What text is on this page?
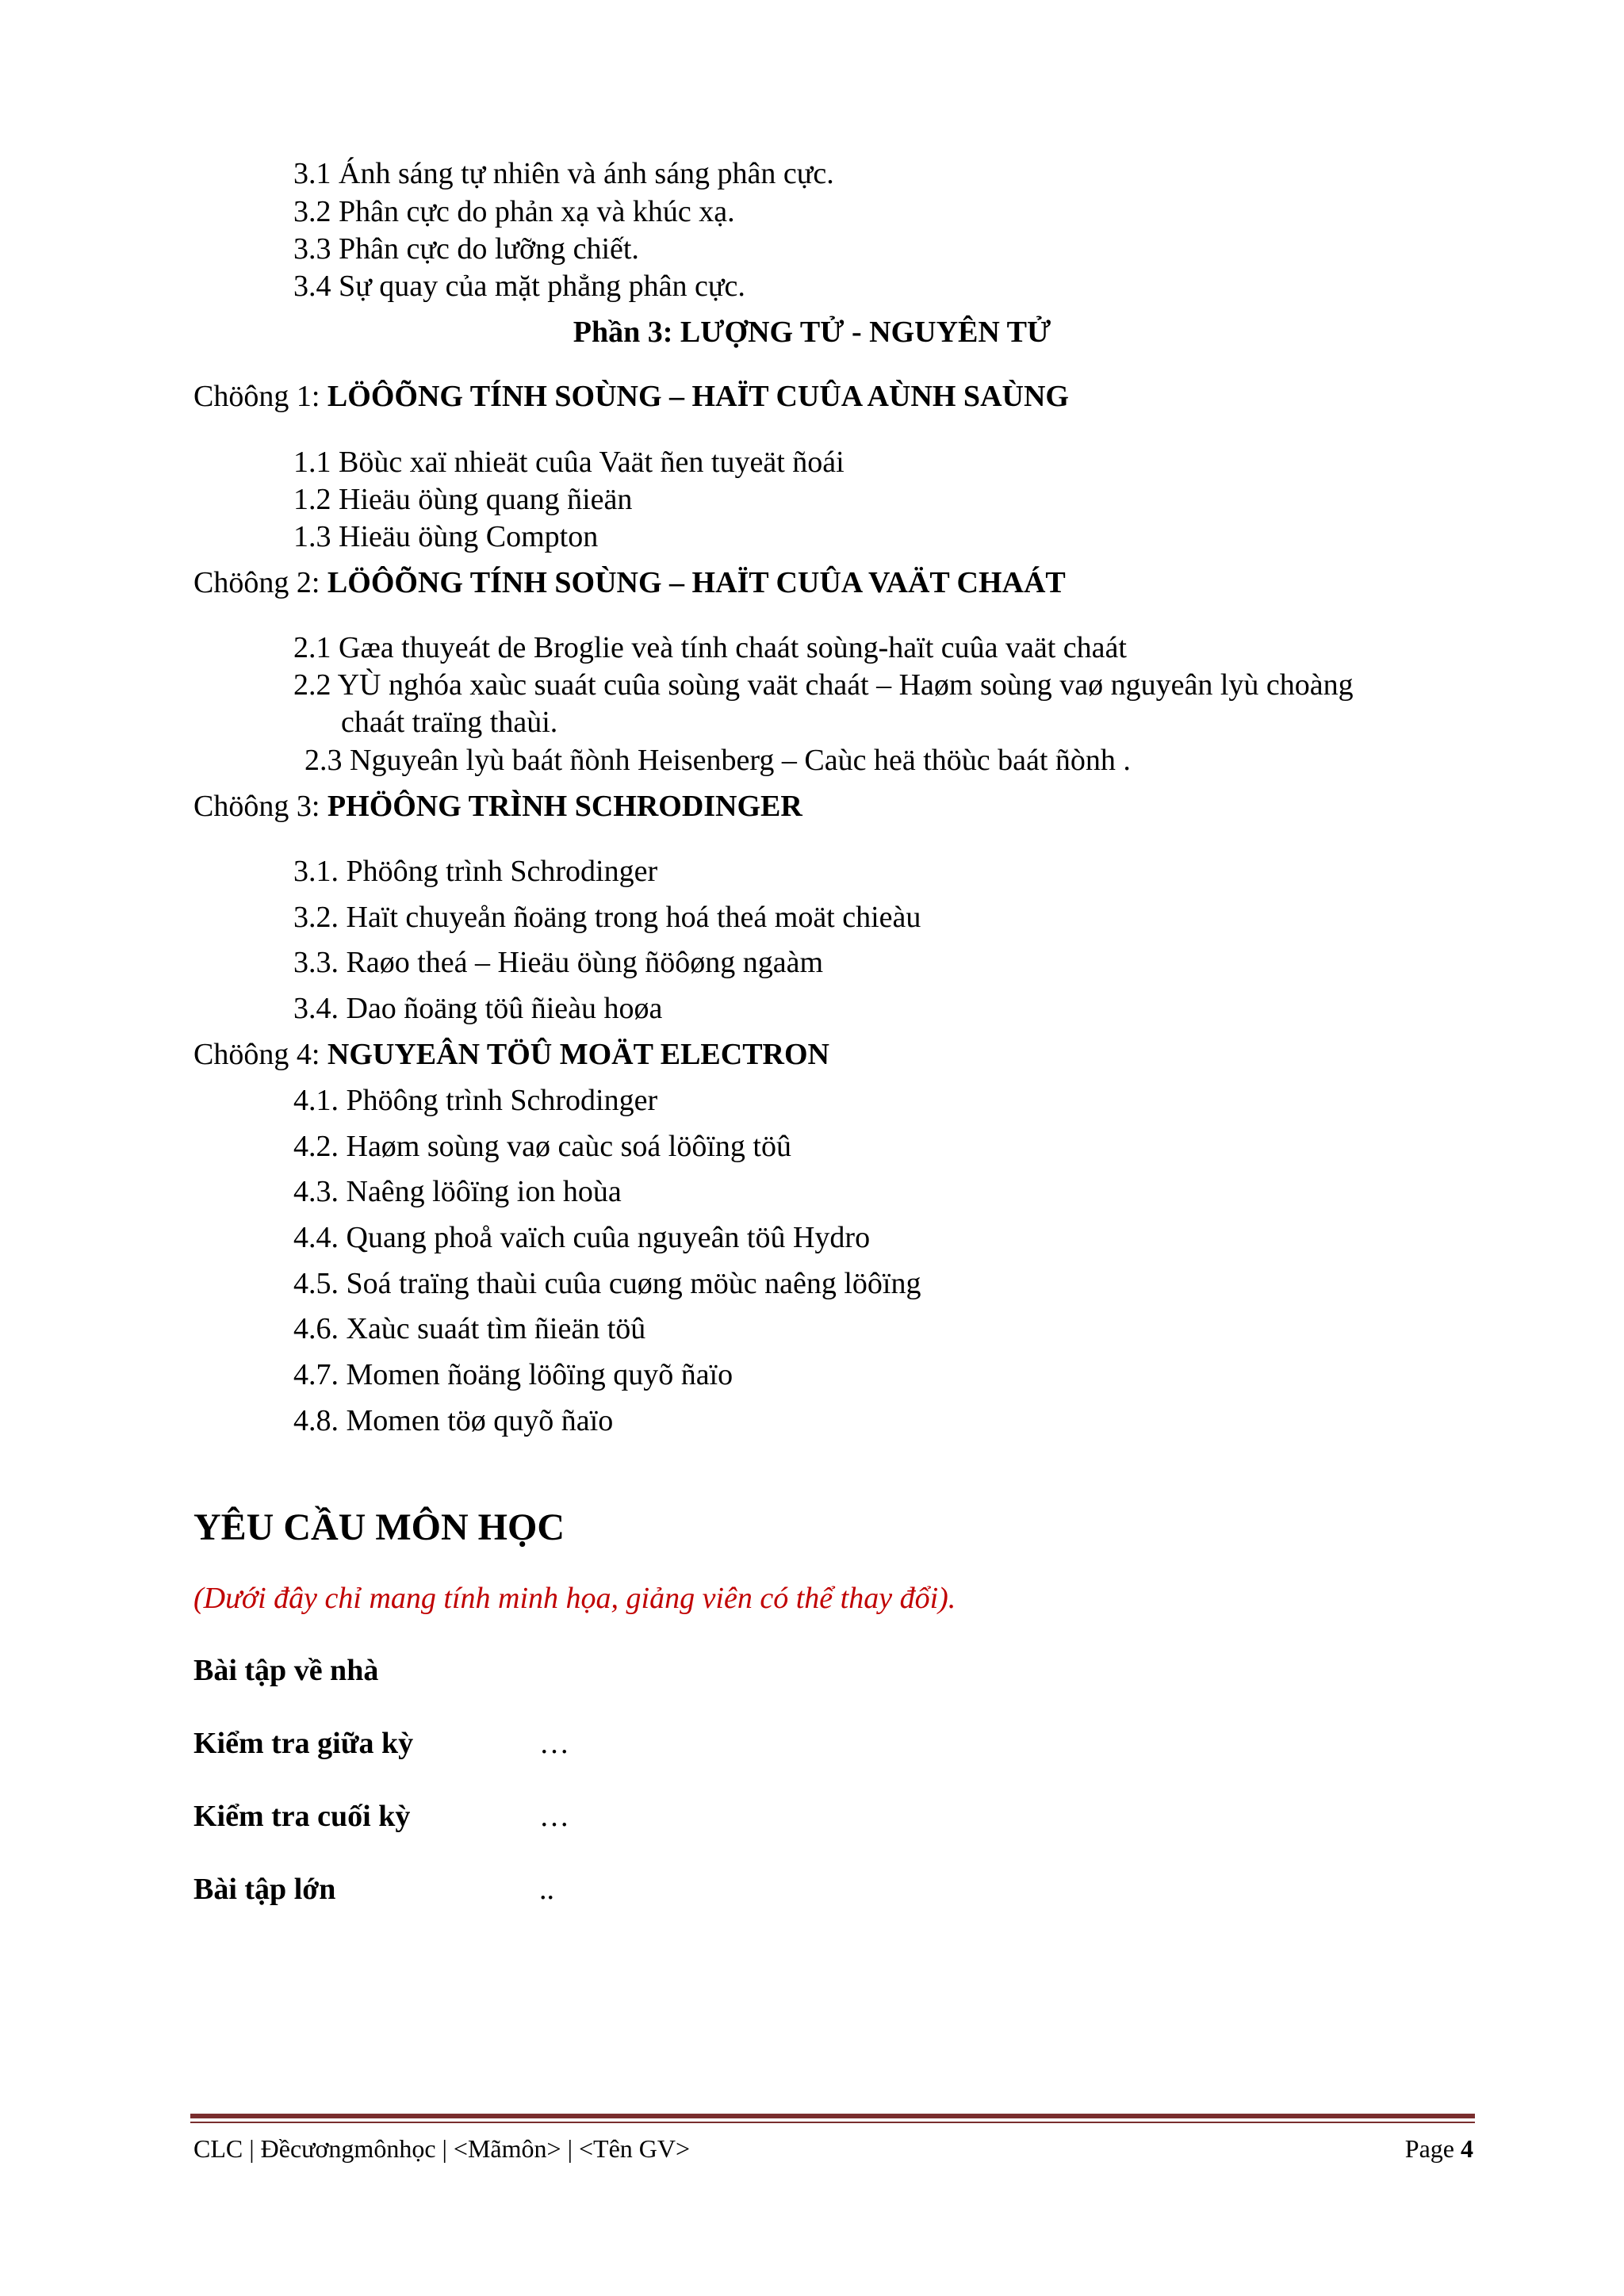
3.1 Ánh sáng tự nhiên và ánh sáng phân cực.
3.2 Phân cực do phản xạ và khúc xạ.
3.3 Phân cực do lưỡng chiết.
3.4 Sự quay của mặt phẳng phân cực.
Phần 3: LƯỢNG TỬ - NGUYÊN TỬ
Chöông 1: LÖÔÕNG TÍNH SOÙNG – HAÏT CUÛA AÙNH SAÙNG
1.1 Böùc xaï nhieät cuûa Vaät ñen tuyeät ñoái
1.2 Hieäu öùng quang ñieän
1.3 Hieäu öùng Compton
Chöông 2: LÖÔÕNG TÍNH SOÙNG – HAÏT CUÛA VAÄT CHAÁT
2.1 Gæa thuyeát de Broglie veà tính chaát soùng-haït cuûa vaät chaát
2.2 YÙ nghóa xaùc suaát cuûa soùng vaät chaát – Haøm soùng vaø nguyeân lyù choàng
chaát traïng thaùi.
2.3 Nguyeân lyù baát ñònh Heisenberg – Caùc heä thöùc baát ñònh .
Chöông 3: PHÖÔNG TRÌNH SCHRODINGER
3.1. Phöông trình Schrodinger
3.2. Haït chuyeån ñoäng trong hoá theá moät chieàu
3.3. Raøo theá – Hieäu öùng ñöôøng ngaàm
3.4. Dao ñoäng töû ñieàu hoøa
Chöông 4: NGUYEÂN TÖÛ MOÄT ELECTRON
4.1. Phöông trình Schrodinger
4.2. Haøm soùng vaø caùc soá löôïng töû
4.3. Naêng löôïng ion hoùa
4.4. Quang phoå vaïch cuûa nguyeân töû Hydro
4.5. Soá traïng thaùi cuûa cuøng möùc naêng löôïng
4.6. Xaùc suaát tìm ñieän töû
4.7. Momen ñoäng löôïng quyõ ñaïo
4.8. Momen töø quyõ ñaïo
YÊU CẦU MÔN HỌC
(Dưới đây chỉ mang tính minh họa, giảng viên có thể thay đổi).
Bài tập về nhà
Kiểm tra giữa kỳ	…
Kiểm tra cuối kỳ	…
Bài tập lớn	..
CLC | Đềcươngmônhọc | <Mãmôn> | <Tên GV>	Page 4
